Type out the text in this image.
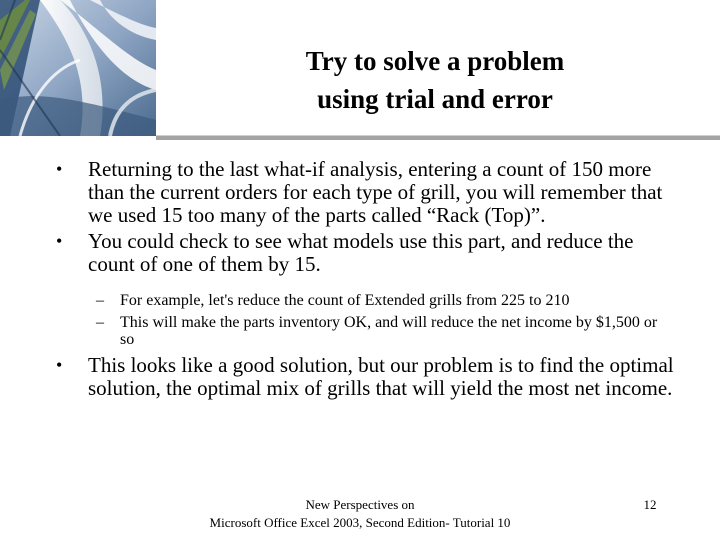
Try to solve a problem
using trial and error
• Returning to the last what-if analysis, entering a count of 150 more than the current orders for each type of grill, you will remember that we used 15 too many of the parts called “Rack (Top)”.
• You could check to see what models use this part, and reduce the count of one of them by 15.
– For example, let's reduce the count of Extended grills from 225 to 210
– This will make the parts inventory OK, and will reduce the net income by $1,500 or so
• This looks like a good solution, but our problem is to find the optimal solution, the optimal mix of grills that will yield the most net income.
New Perspectives on
Microsoft Office Excel 2003, Second Edition- Tutorial 10
12
